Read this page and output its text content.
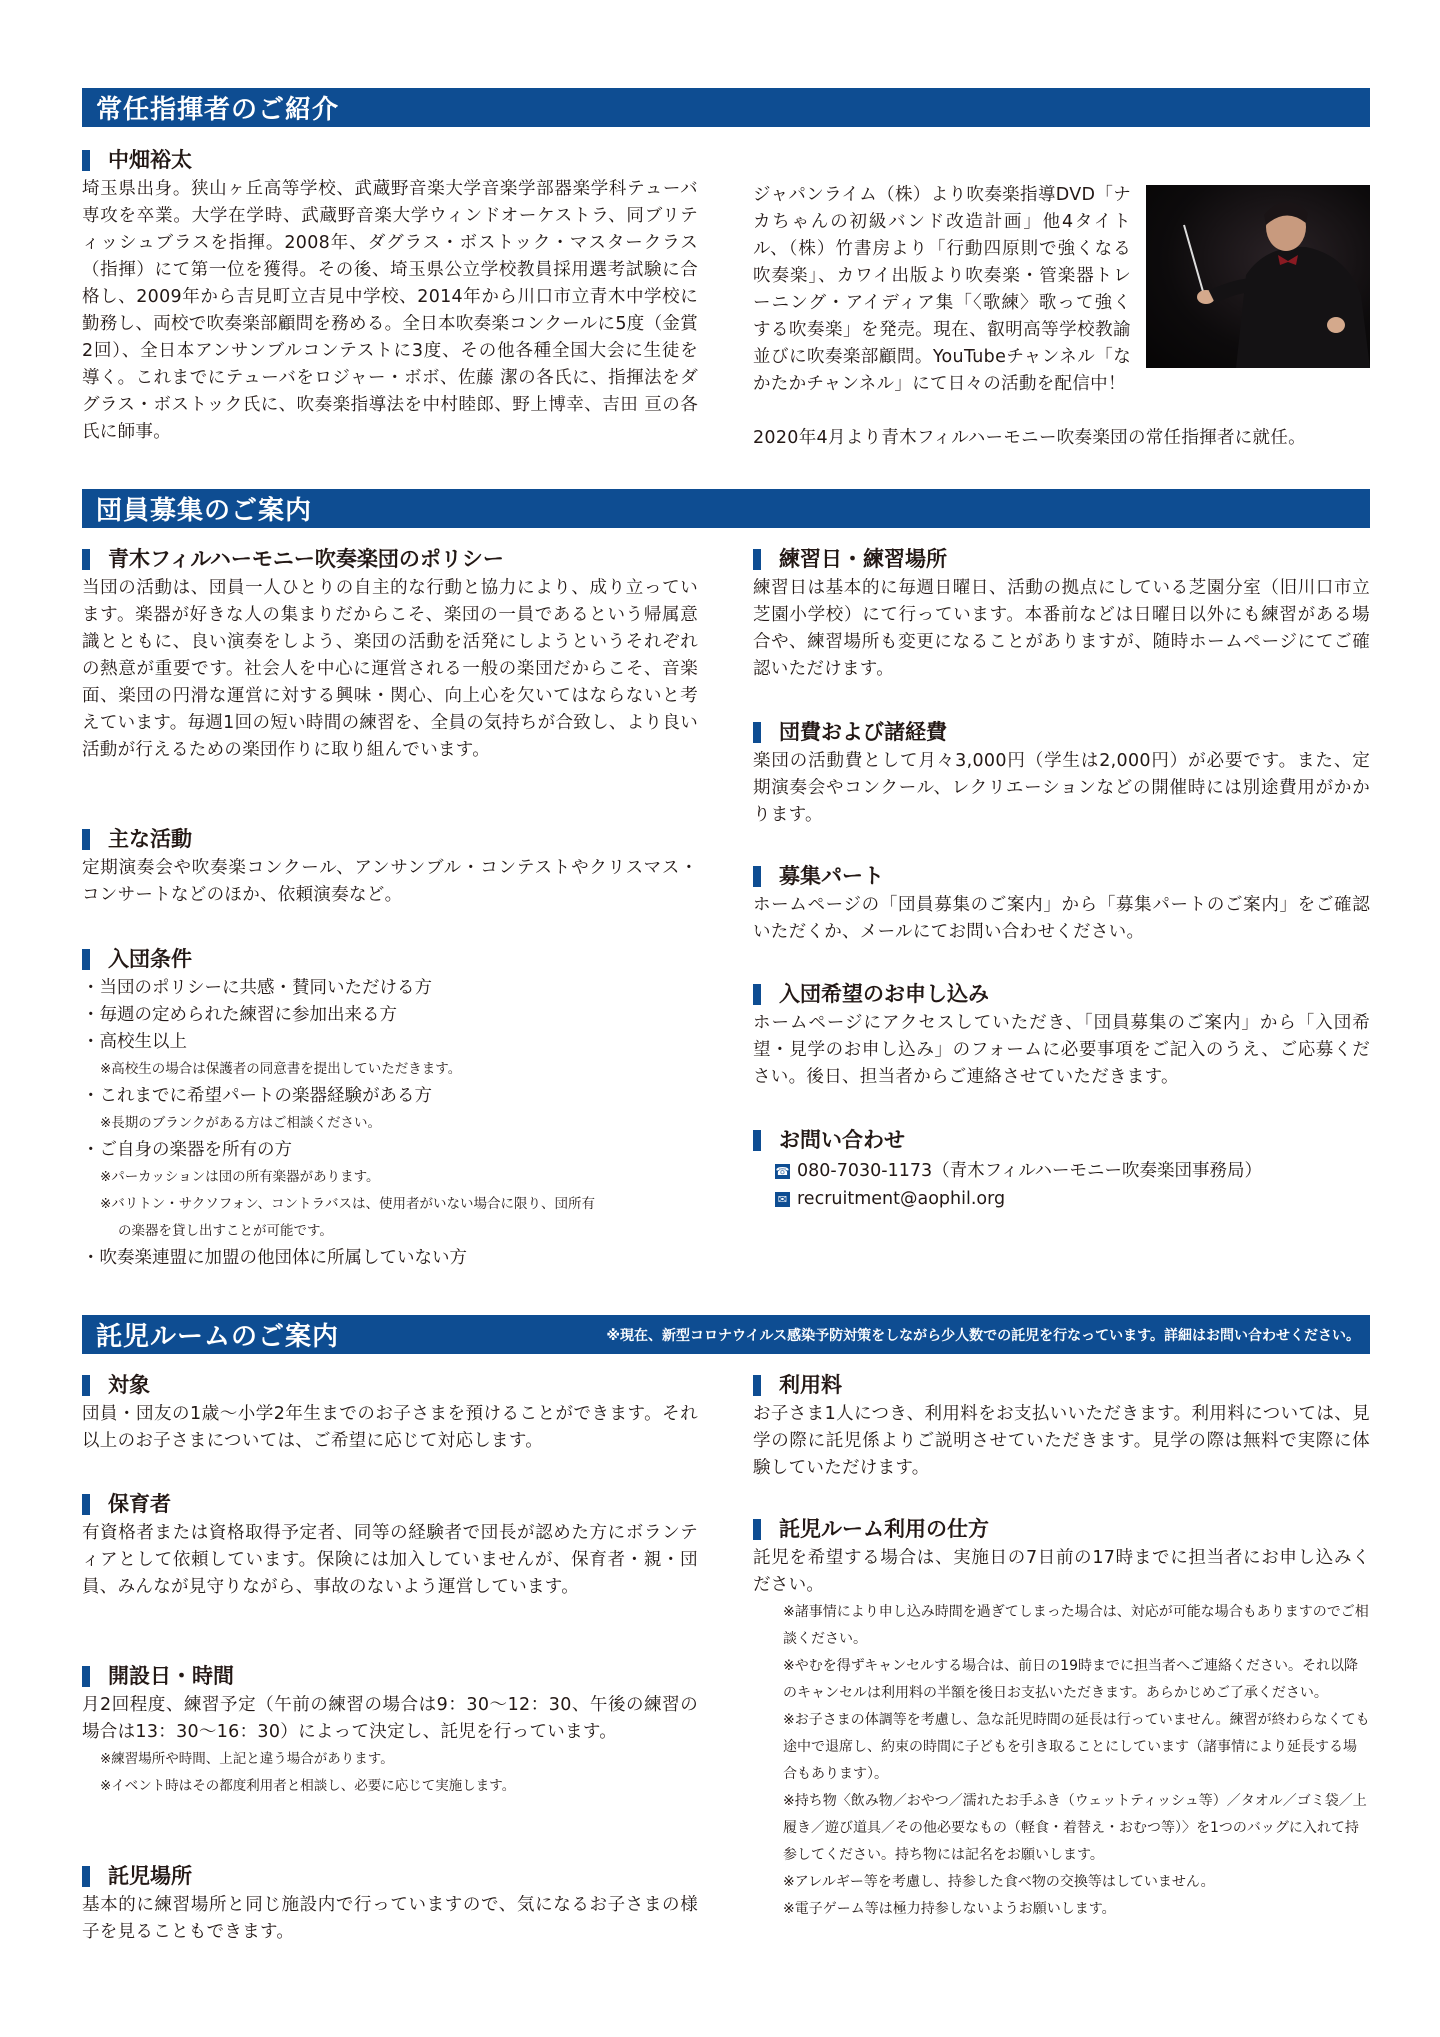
常任指揮者のご紹介
中畑裕太

埼玉県出身。狭山ヶ丘高等学校、武蔵野音楽大学音楽学部器楽学科テューバ専攻を卒業。大学在学時、武蔵野音楽大学ウィンドオーケストラ、同ブリティッシュブラスを指揮。2008年、ダグラス・ボストック・マスタークラス（指揮）にて第一位を獲得。その後、埼玉県公立学校教員採用選考試験に合格し、2009年から吉見町立吉見中学校、2014年から川口市立青木中学校に勤務し、両校で吹奏楽部顧問を務める。全日本吹奏楽コンクールに5度（金賞2回）、全日本アンサンブルコンテストに3度、その他各種全国大会に生徒を導く。これまでにテューバをロジャー・ボボ、佐藤 潔の各氏に、指揮法をダグラス・ボストック氏に、吹奏楽指導法を中村睦郎、野上博幸、吉田 亘の各氏に師事。

ジャパンライム（株）より吹奏楽指導DVD「ナカちゃんの初級バンド改造計画」他4タイトル、（株）竹書房より「行動四原則で強くなる吹奏楽」、カワイ出版より吹奏楽・管楽器トレーニング・アイディア集「〈歌練〉歌って強くする吹奏楽」を発売。現在、叡明高等学校教諭並びに吹奏楽部顧問。YouTubeチャンネル「なかたかチャンネル」にて日々の活動を配信中！

2020年4月より青木フィルハーモニー吹奏楽団の常任指揮者に就任。

団員募集のご案内
青木フィルハーモニー吹奏楽団のポリシー

当団の活動は、団員一人ひとりの自主的な行動と協力により、成り立っています。楽器が好きな人の集まりだからこそ、楽団の一員であるという帰属意識とともに、良い演奏をしよう、楽団の活動を活発にしようというそれぞれの熱意が重要です。社会人を中心に運営される一般の楽団だからこそ、音楽面、楽団の円滑な運営に対する興味・関心、向上心を欠いてはならないと考えています。毎週1回の短い時間の練習を、全員の気持ちが合致し、より良い活動が行えるための楽団作りに取り組んでいます。

主な活動

定期演奏会や吹奏楽コンクール、アンサンブル・コンテストやクリスマス・コンサートなどのほか、依頼演奏など。

入団条件
・当団のポリシーに共感・賛同いただける方
・毎週の定められた練習に参加出来る方
・高校生以上
※高校生の場合は保護者の同意書を提出していただきます。
・これまでに希望パートの楽器経験がある方
※長期のブランクがある方はご相談ください。
・ご自身の楽器を所有の方
※パーカッションは団の所有楽器があります。
※バリトン・サクソフォン、コントラバスは、使用者がいない場合に限り、団所有
の楽器を貸し出すことが可能です。
・吹奏楽連盟に加盟の他団体に所属していない方
練習日・練習場所

練習日は基本的に毎週日曜日、活動の拠点にしている芝園分室（旧川口市立芝園小学校）にて行っています。本番前などは日曜日以外にも練習がある場合や、練習場所も変更になることがありますが、随時ホームページにてご確認いただけます。

団費および諸経費

楽団の活動費として月々3,000円（学生は2,000円）が必要です。また、定期演奏会やコンクール、レクリエーションなどの開催時には別途費用がかかります。

募集パート

ホームページの「団員募集のご案内」から「募集パートのご案内」をご確認いただくか、メールにてお問い合わせください。

入団希望のお申し込み

ホームページにアクセスしていただき、「団員募集のご案内」から「入団希望・見学のお申し込み」のフォームに必要事項をご記入のうえ、ご応募ください。後日、担当者からご連絡させていただきます。

お問い合わせ
☎ 080-7030-1173（青木フィルハーモニー吹奏楽団事務局）
✉ recruitment@aophil.org
託児ルームのご案内	※現在、新型コロナウイルス感染予防対策をしながら少人数での託児を行なっています。詳細はお問い合わせください。
対象

団員・団友の1歳〜小学2年生までのお子さまを預けることができます。それ以上のお子さまについては、ご希望に応じて対応します。

保育者

有資格者または資格取得予定者、同等の経験者で団長が認めた方にボランティアとして依頼しています。保険には加入していませんが、保育者・親・団員、みんなが見守りながら、事故のないよう運営しています。

開設日・時間

月2回程度、練習予定（午前の練習の場合は9：30〜12：30、午後の練習の場合は13：30〜16：30）によって決定し、託児を行っています。

※練習場所や時間、上記と違う場合があります。
※イベント時はその都度利用者と相談し、必要に応じて実施します。
託児場所

基本的に練習場所と同じ施設内で行っていますので、気になるお子さまの様子を見ることもできます。

利用料

お子さま1人につき、利用料をお支払いいただきます。利用料については、見学の際に託児係よりご説明させていただきます。見学の際は無料で実際に体験していただけます。

託児ルーム利用の仕方

託児を希望する場合は、実施日の7日前の17時までに担当者にお申し込みください。

※諸事情により申し込み時間を過ぎてしまった場合は、対応が可能な場合もありますのでご相談ください。
※やむを得ずキャンセルする場合は、前日の19時までに担当者へご連絡ください。それ以降のキャンセルは利用料の半額を後日お支払いただきます。あらかじめご了承ください。
※お子さまの体調等を考慮し、急な託児時間の延長は行っていません。練習が終わらなくても途中で退席し、約束の時間に子どもを引き取ることにしています（諸事情により延長する場合もあります）。
※持ち物〈飲み物／おやつ／濡れたお手ふき（ウェットティッシュ等）／タオル／ゴミ袋／上履き／遊び道具／その他必要なもの（軽食・着替え・おむつ等）〉を1つのバッグに入れて持参してください。持ち物には記名をお願いします。
※アレルギー等を考慮し、持参した食べ物の交換等はしていません。
※電子ゲーム等は極力持参しないようお願いします。
